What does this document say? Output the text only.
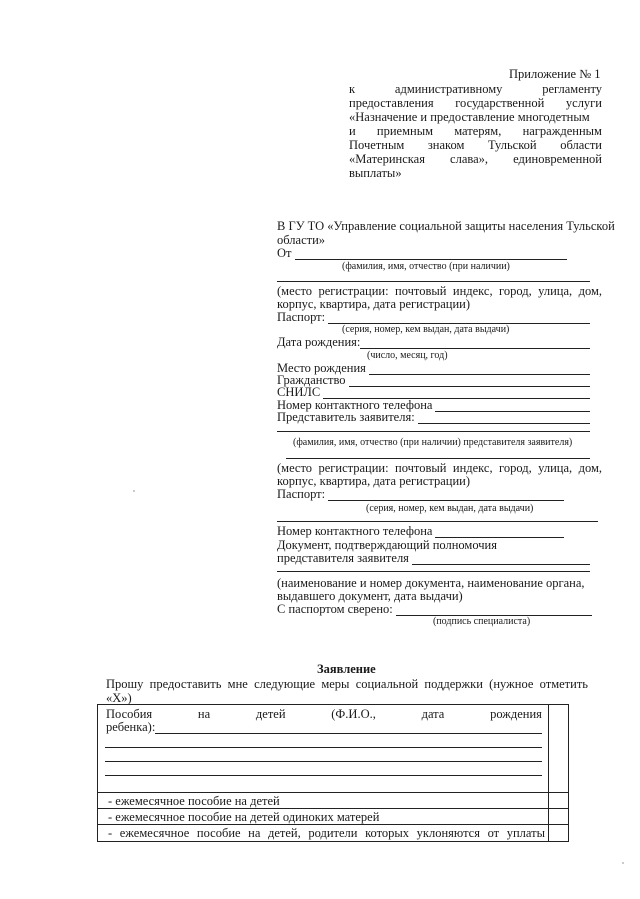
Приложение № 1
к	административному	регламенту
предоставления государственной услуги
«Назначение и предоставление многодетным
и приемным матерям, награжденным
Почетным знаком Тульской области
«Материнская слава», единовременной
выплаты»
В ГУ ТО «Управление социальной защиты населения Тульской
области»
От
(фамилия, имя, отчество (при наличии)
(место регистрации: почтовый индекс, город, улица, дом,
корпус, квартира, дата регистрации)
Паспорт:
(серия, номер, кем выдан, дата выдачи)
Дата рождения:
(число, месяц, год)
Место рождения
Гражданство
СНИЛС
Номер контактного телефона
Представитель заявителя:
(фамилия, имя, отчество (при наличии) представителя заявителя)
(место регистрации: почтовый индекс, город, улица, дом,
корпус, квартира, дата регистрации)
Паспорт:
(серия, номер, кем выдан, дата выдачи)
Номер контактного телефона
Документ, подтверждающий полномочия
представителя заявителя
(наименование и номер документа, наименование органа,
выдавшего документ, дата выдачи)
С паспортом сверено:
(подпись специалиста)
Заявление
Прошу предоставить мне следующие меры социальной поддержки (нужное отметить
«Х»)
Пособия	на	детей	(Ф.И.О.,	дата	рождения
ребенка):
- ежемесячное пособие на детей
- ежемесячное пособие на детей одиноких матерей
- ежемесячное пособие на детей, родители которых уклоняются от уплаты
